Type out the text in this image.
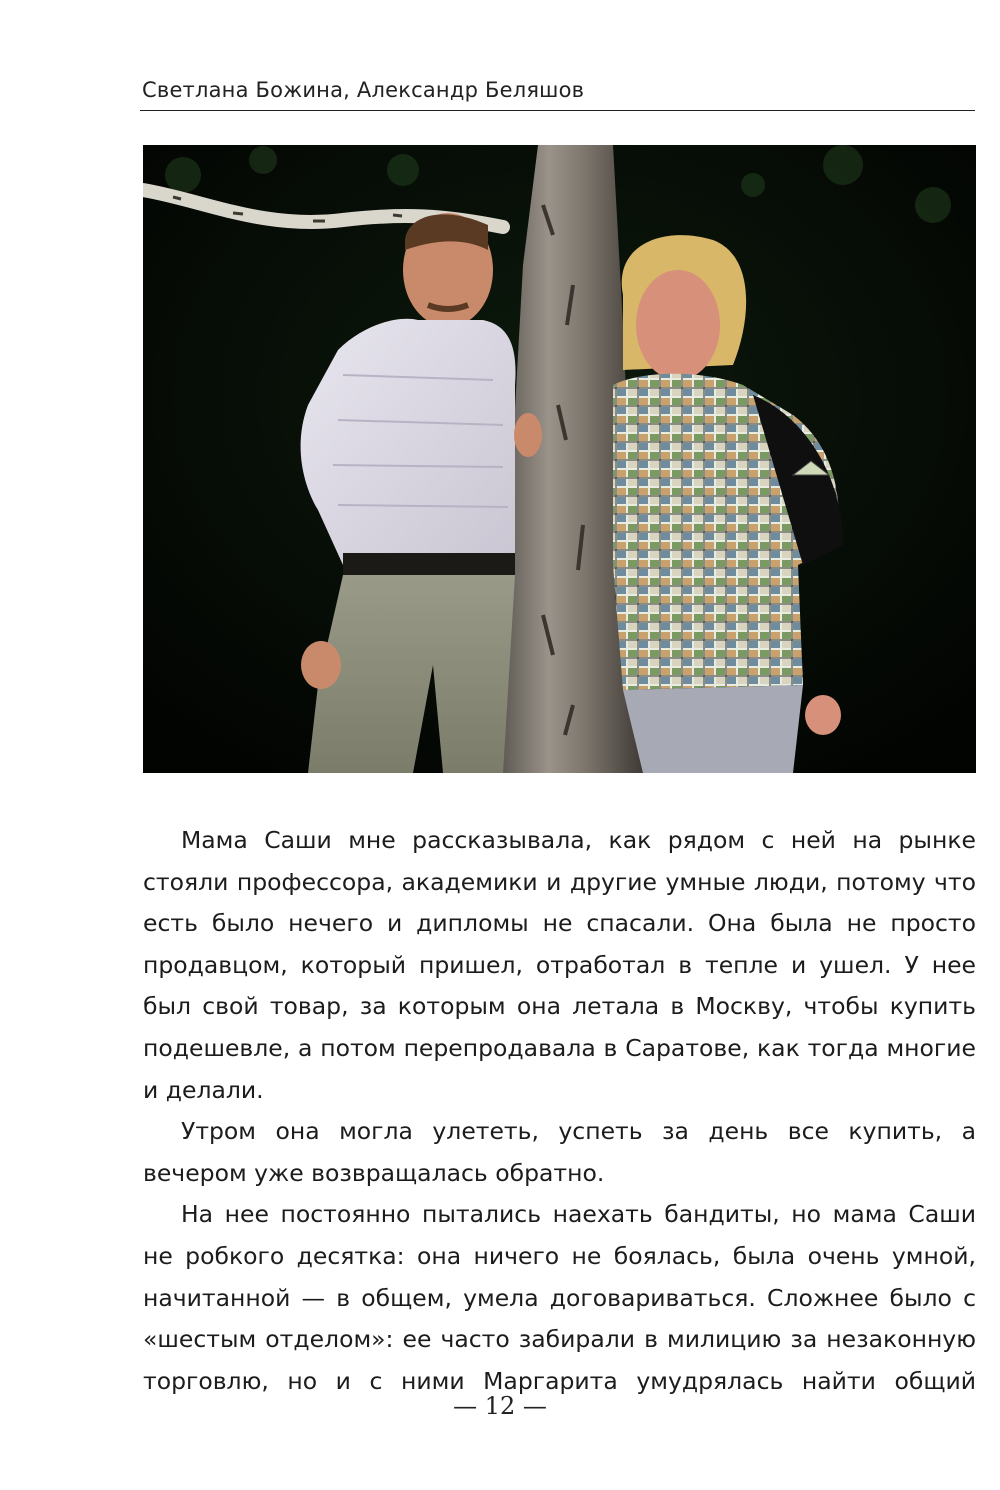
Светлана Божина, Александр Беляшов

Мама Саши мне рассказывала, как рядом с ней на рынке стояли профессора, академики и другие умные люди, потому что есть было нечего и дипломы не спасали. Она была не просто продавцом, который пришел, отработал в тепле и ушел. У нее был свой товар, за которым она летала в Москву, чтобы купить подешевле, а потом перепродавала в Саратове, как тогда многие и делали.

Утром она могла улететь, успеть за день все купить, а вечером уже возвращалась обратно.

На нее постоянно пытались наехать бандиты, но мама Саши не робкого десятка: она ничего не боялась, была очень умной, начитанной — в общем, умела договариваться. Сложнее было с «шестым отделом»: ее часто забирали в милицию за незаконную торговлю, но и с ними Маргарита умудрялась найти общий

— 12 —
